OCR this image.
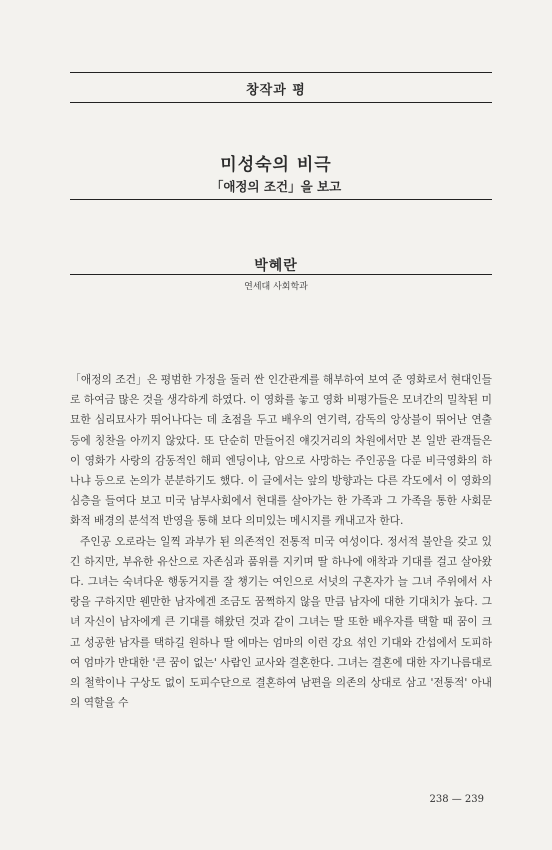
창작과 평
미성숙의 비극
「애정의 조건」을 보고
박혜란
연세대 사회학과

「애정의 조건」은 평범한 가정을 둘러 싼 인간관계를 해부하여 보여 준 영화로서 현대인들로 하여금 많은 것을 생각하게 하였다. 이 영화를 놓고 영화 비평가들은 모녀간의 밀착된 미묘한 심리묘사가 뛰어나다는 데 초점을 두고 배우의 연기력, 감독의 앙상블이 뛰어난 연출 등에 칭찬을 아끼지 않았다. 또 단순히 만들어진 얘깃거리의 차원에서만 본 일반 관객들은 이 영화가 사랑의 감동적인 해피 엔딩이냐, 암으로 사망하는 주인공을 다룬 비극영화의 하나냐 등으로 논의가 분분하기도 했다. 이 글에서는 앞의 방향과는 다른 각도에서 이 영화의 심층을 들여다 보고 미국 남부사회에서 현대를 살아가는 한 가족과 그 가족을 통한 사회문화적 배경의 분석적 반영을 통해 보다 의미있는 메시지를 캐내고자 한다.

주인공 오로라는 일찍 과부가 된 의존적인 전통적 미국 여성이다. 정서적 불안을 갖고 있긴 하지만, 부유한 유산으로 자존심과 품위를 지키며 딸 하나에 애착과 기대를 걸고 살아왔다. 그녀는 숙녀다운 행동거지를 잘 챙기는 여인으로 서넛의 구혼자가 늘 그녀 주위에서 사랑을 구하지만 웬만한 남자에겐 조금도 꿈쩍하지 않을 만큼 남자에 대한 기대치가 높다. 그녀 자신이 남자에게 큰 기대를 해왔던 것과 같이 그녀는 딸 또한 배우자를 택할 때 꿈이 크고 성공한 남자를 택하길 원하나 딸 에마는 엄마의 이런 강요 섞인 기대와 간섭에서 도피하여 엄마가 반대한 '큰 꿈이 없는' 사람인 교사와 결혼한다. 그녀는 결혼에 대한 자기나름대로의 철학이나 구상도 없이 도피수단으로 결혼하여 남편을 의존의 상대로 삼고 '전통적' 아내의 역할을 수

238 — 239
